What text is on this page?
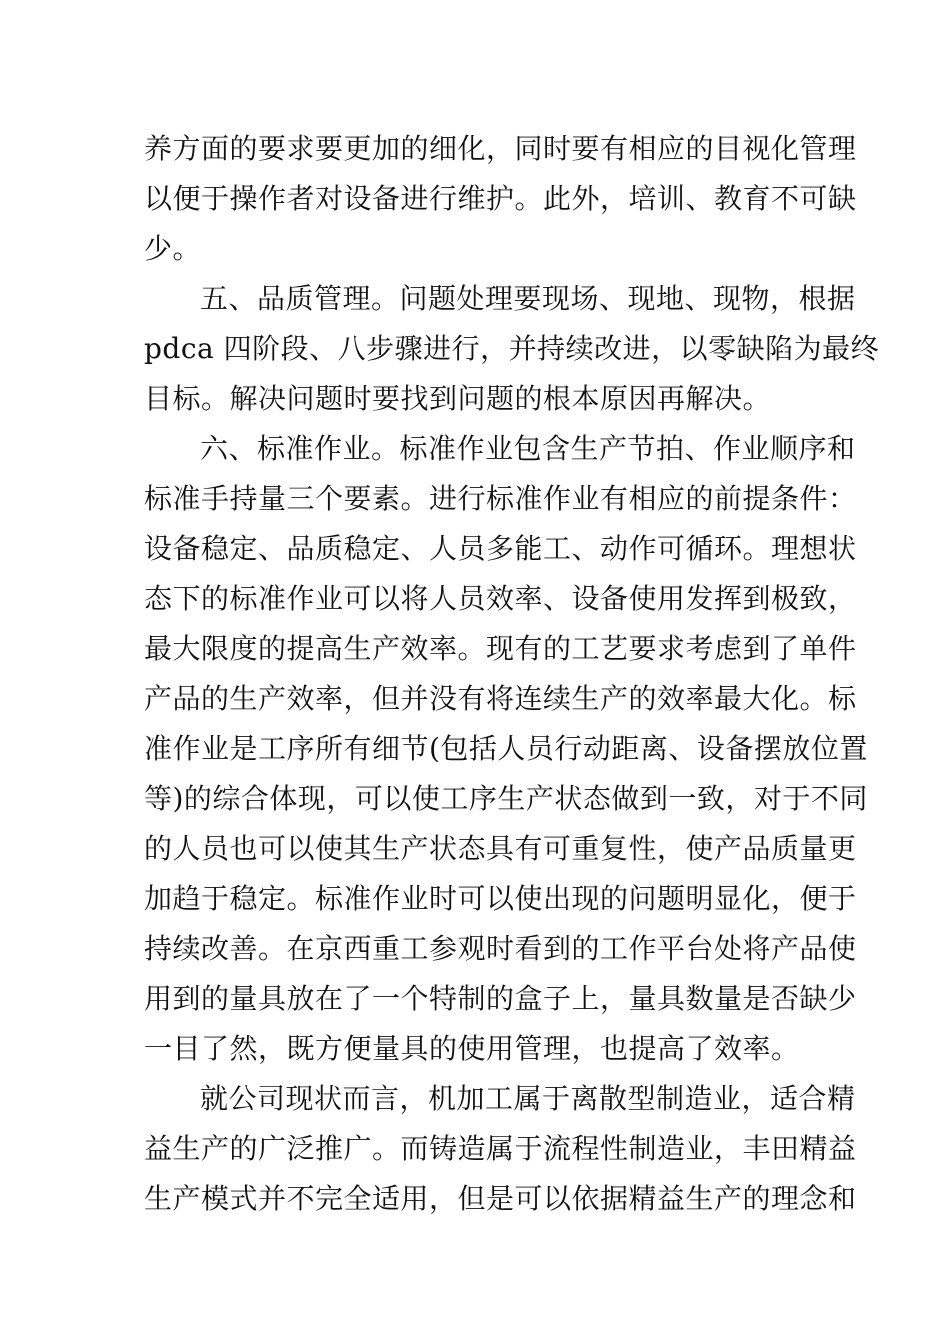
养方面的要求要更加的细化，同时要有相应的目视化管理
以便于操作者对设备进行维护。此外，培训、教育不可缺
少。
五、品质管理。问题处理要现场、现地、现物，根据
pdca 四阶段、八步骤进行，并持续改进，以零缺陷为最终
目标。解决问题时要找到问题的根本原因再解决。
六、标准作业。标准作业包含生产节拍、作业顺序和
标准手持量三个要素。进行标准作业有相应的前提条件：
设备稳定、品质稳定、人员多能工、动作可循环。理想状
态下的标准作业可以将人员效率、设备使用发挥到极致，
最大限度的提高生产效率。现有的工艺要求考虑到了单件
产品的生产效率，但并没有将连续生产的效率最大化。标
准作业是工序所有细节(包括人员行动距离、设备摆放位置
等)的综合体现，可以使工序生产状态做到一致，对于不同
的人员也可以使其生产状态具有可重复性，使产品质量更
加趋于稳定。标准作业时可以使出现的问题明显化，便于
持续改善。在京西重工参观时看到的工作平台处将产品使
用到的量具放在了一个特制的盒子上，量具数量是否缺少
一目了然，既方便量具的使用管理，也提高了效率。
就公司现状而言，机加工属于离散型制造业，适合精
益生产的广泛推广。而铸造属于流程性制造业，丰田精益
生产模式并不完全适用，但是可以依据精益生产的理念和
